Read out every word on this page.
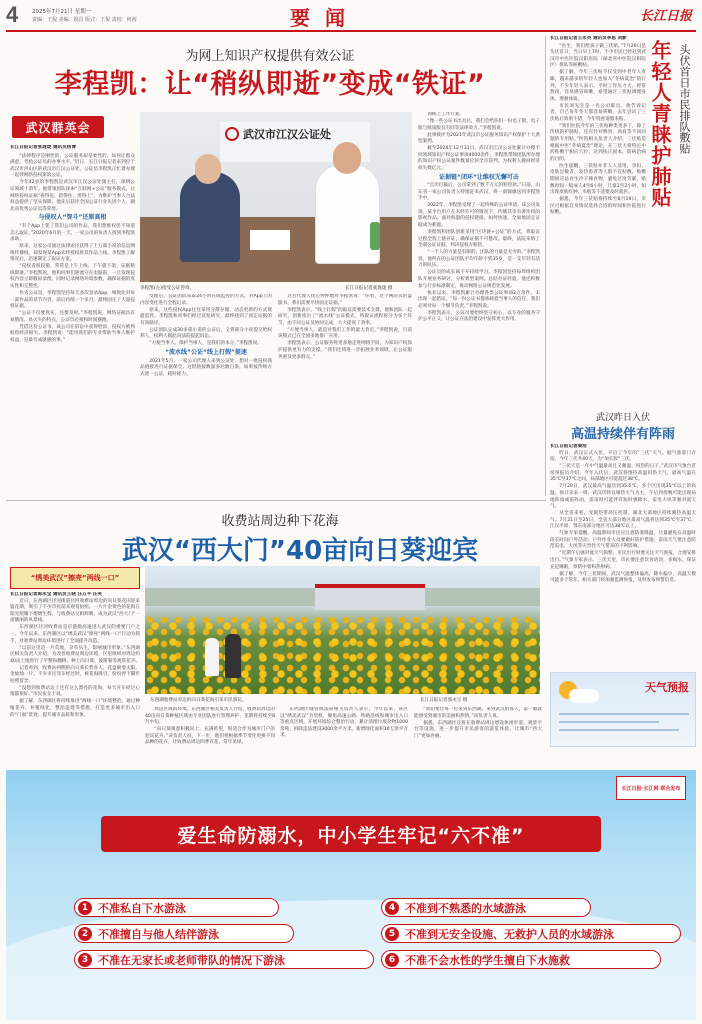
4	2025年7月21日 星期一
责编：王倪 美编：倪昌 版式：王倪 责校：何茜	要 闻	长江日报
为网上知识产权提供有效公证
李程凯：让“稍纵即逝”变成“铁证”
武汉群英会
长江日报记者张珑珑 通讯员杨博

“法律程序是刚性的，公证服务却是柔性的。如何让群众满意，考验公证员的办事水平。”近日，长江日报记者来到位于武汉市洪山区的武汉市江汉公证处，公证员李程凯正忙着办理一起涉网络侵权案的公证。

今年42岁的李程凯是武汉市江汉公证处副主任，深耕公证领域十余年。他带领团队探索“互联网+公证”服务模式，让网络侵权证据“看得见、留得住、用得上”，为维护当事人合法权益提供了坚实保障。他先后获评全国公证行业先进个人、湖北省优秀公证员等荣誉。

与侵权人“智斗”还原真相

“有个App上架了我们公司的作品，我们想维权但不知道怎么取证。”2020年6月的一天，一家公司的负责人找到李程凯求助。

原来，这家公司通过法律途径获得了上万部小说的信息网络传播权，却发现某App未经授权将其作品上线。李程凯了解情况后，迅速制定了取证方案。

“侵权者很狡猾，常常是上午上线、下午就下架，证据稍纵即逝。”李程凯说，他和同事们轮流守在电脑前，一旦发现侵权内容立即截屏录像，同时记录网络环境参数，确保证据的真实性和完整性。

作为公证员，李程凯坚持每天多次登录App，细致比对每一部作品的章节内容，前后持续一个多月，最终固定了大量侵权证据。

“公证不仅要真实，还要及时。”李程凯说，网络证据具有易篡改、易灭失的特点，公证员必须和时间赛跑。

凭借这份公证书，该公司在诉讼中获得胜诉，侵权方被判赔偿经济损失。李程凯说：“能用我们的专业帮助当事人维护权益，是最有成就感的事。”

武汉市江汉公证处
李程凯(左)接受公证咨询。	长江日报记者张珑珑 摄

受理后，公证团队采取24小时在线监控的方式，对App上的内容变化进行全程记录。

原来，这些侵权App往往采用分散存储、动态更新的方式规避监管。李程凯和同事们经过反复研究，最终找到了固定证据的有效路径。

公证团队完成30多部小说的公证后，又将部分小说提交给权利人，权利人据此向法院提起诉讼。

“方便当事人、保护当事人，是我们的本分。”李程凯说。

“流水线”公证“线上打假”提速

2021年5月，一家公司代理人来到公证处，想对一批侵权商品链接进行证据保全。这批链接数量多达数百条，如果按传统方式逐一公证，耗时耗力。

这名代理人忧心忡忡地对李程凯说：“你看，这个网站卖的盗版书，我们需要尽快固定证据。”

李程凯表示，“线上打假”的取证需要技术支撑。他和团队一起研究，创新推出了“流水线”公证模式，将取证流程拆分为多个环节，由不同公证员协同完成，大大提高了效率。

“方便当事人，就是对我们工作的最大肯定。”李程凯说，目前该模式已在全国多地推广应用。

李程凯表示，公证服务将更多地走进网络空间，为知识产权保护提供更有力的支撑。“我们还将进一步拓展业务领域，让公证服务惠及更多群众。”

询线上工作方案。

“像一些公证书出具后，我们会给你们一份电子版，电子版与纸质版具有同等法律效力。”李程凯说。

此事被评为2021年武汉市公证服务知识产权保护十大典型案例。

截至2024年12月31日，武汉市江汉公证处累计办理不同领域知识产权公证事项4000余件，李程凯带领团队所办理的知识产权公证案件数量位居全市前列，为权利人挽回经济损失数亿元。

证据链“闭环”让维权无懈可击

“官司打赢后，公司拿到了数千万元的赔偿款。”日前，山东省一家公司负责人特地赶来武汉，将一面锦旗送到李程凯手中。

2022年，李程凯受理了一起特殊的公证申请。该公司发现，某平台用户在未经许可的情况下，传播其享有著作权的影视作品。面对海量的侵权链接，如何快速、全面地固定证据成为难题。

李程凯和团队创新采用“区块链+公证”的方式，将取证过程全程上链存证，确保证据不可篡改。最终，法院采纳了全部公证证据，判决侵权方赔偿。

“一个人的力量是有限的，团队的力量是无穷的。”李程凯说，他所在的公证团队平均年龄不到35岁，是一支年轻有活力的队伍。

公证员的成长离不开持续学习。李程凯坚持每周组织团队开展业务研讨，分析典型案例，总结办证经验。他还积极参与行业标准制定，推动网络公证规范化发展。

执业以来，李程凯累计办理各类公证事项2万余件，未出现一起错证。“每一份公证书都承载着当事人的信任，我们必须对每一个细节负责。”李程凯说。

李程凯表示，公证员要始终坚守初心，以专业的服务守护公平正义，让公证在法治建设中发挥更大作用。

长江日报记者王永英 通讯员李思 刘影

“医生，我们给孩子做三伏贴。”7月20日是头伏首日，当日早上7时，不少市民已经赶到武汉市中医医院汉阳医院（湖北省中医院汉阳院区）排队等候敷贴。

据了解，今年三伏贴不仅受到中老年人青睐，越来越多的年轻人也加入“冬病夏治”的行列。不少年轻人表示，平时工作压力大、经常熬夜，容易感冒咳嗽，希望通过三伏贴调理身体、增强体质。

市民刘先生是一名公司职员，他告诉记者，自己每年冬天都容易咳嗽，去年尝试了三伏贴后效果不错，今年特意请假来贴。

“我们医院今年的三伏贴种类更多了，除了传统的护肺贴，还有针对脾胃、颈肩等不同问题的专用贴。”医院相关负责人介绍，三伏贴是根据中医“冬病夏治”理论，在三伏天将特定中药贴敷于相应穴位，达到扶正固本、防病治病的目的。

医生提醒，三伏贴并非人人适用，孕妇、皮肤过敏者、发热患者等人群不宜贴敷。贴敷期间应忌食生冷辛辣食物，避免过度劳累。贴敷时间一般成人4至6小时，儿童1至2小时，如出现皮肤红肿、水疱等不适要及时就医。

据悉，今年三伏贴将持续至8月19日，市民可根据自身情况选择合适的时间和医院进行贴敷。

年轻人青睐护肺贴 头伏首日市民排队敷贴
武汉昨日入伏
高温持续伴有阵雨
长江日报记者秦浩

昨日，武汉正式入伏，开启了今年的“三伏”天气。据气象部门介绍，今年三伏共40天，为“加长版”三伏。

“三伏天是一年中气温最高且又潮湿、闷热的日子。”武汉市气象台首席预报员介绍，今年入伏后，武汉将维持高温闷热天气，最高气温在35℃至37℃之间，局部地区可能超过38℃。

7月20日，武汉最高气温达到35.6℃，多个区出现35℃以上的高温。预计未来一周，武汉仍将以晴热天气为主，午后到傍晚可能出现局地阵雨或雷阵雨，雷雨时可能伴有短时强降水、雷电大风等强对流天气。

从全省来看，受副热带高压控制，湖北大部地区持续晴热高温天气。7月21日至25日，全省大部分地区最高气温将达到35℃至37℃，江汉平原、鄂东南部分地区可达38℃以上。

气象专家提醒，高温期间市民应注意防暑降温，尽量避免在高温时段长时间户外活动；户外作业人员要做好防护措施；雷雨天气要注意防范雷电、大风等灾害性天气带来的不利影响。

“近期午后强对流天气频繁，市民出行时要关注天气预报，合理安排出行。”气象专家表示。三伏天里，市民要注意饮食清淡，多喝水，保证充足睡眠，预防中暑和热射病。

据了解，今年三伏期间，武汉气温整体偏高，降水偏少，高温天数可能多于常年。相关部门将加强监测预报，及时发布预警信息。

天气预报
收费站周边种下花海
武汉“西大门”40亩向日葵迎宾
“绣美武汉”擦亮“两线一口”
长江日报记者郭永宝 通讯员王晓 汪五平 汪笑

近日，东西湖区径河街道径河收费站周边的向日葵花田迎来盛花期，吸引了不少市民前来观赏拍照。一片片金黄色的花海在阳光照耀下熠熠生辉，与收费站交相辉映，成为武汉“西大门”一道靓丽的风景线。

东西湖区径河收费站是京港澳高速进入武汉的重要门户之一。今年以来，东西湖区以“绣美武汉”擦亮“两线一口”行动为抓手，对收费站周边环境进行了全面提升改造。

“以前这里是一片荒地，杂草丛生，影响城市形象。”东西湖区相关负责人介绍，为改善收费站周边环境，区里组织对周边约40亩土地进行了平整和翻耕，种上向日葵、波斯菊等观赏花卉。

记者看到，收费站两侧的向日葵长势喜人，花盘朝着太阳，金灿灿一片。不少市民驾车经过时，被花海吸引，纷纷停下脚步拍照留念。

“没想到收费站边上还有这么漂亮的花海，每天开车经过心情都很好。”市民张女士说。

据了解，东西湖区将持续推进“两线一口”环境整治，通过种植花卉、补植绿化、整治违建等措施，打造更多城市出入口的“门面”景观，提升城市品质和形象。

东西湖收费站旁边的向日葵花海引来市民游玩。	长江日报记者郭永宝 摄

周边区域的环境。东西湖区相关负责人介绍，收费站周边的40亩向日葵种植区域由专业团队进行管理养护，花期将持续至8月中旬。

“向日葵寓意积极向上、充满希望，很适合作为城市门户的迎宾花卉。”该负责人说，下一步，他们将根据季节变化更换不同品种的花卉，让收费站周边四季有花、常年见绿。

东西湖区城管执法局相关负责人表示，今年以来，该区以“绣美武汉”为契机，聚焦高速公路、铁路沿线和城市出入口等重点区域，开展环境综合整治行动，累计清理垃圾杂物1000余吨，拆除违法建设3000余平方米，新增绿化面积10万余平方米。

“我们要让每一位来到东西湖、来到武汉的客人，第一眼就能感受到城市的美丽和热情。”该负责人说。

据悉，东西湖区还将在收费站周边增设休闲步道、观景平台等设施，进一步提升市民游客的游览体验，让城市“西大门”更加亮丽。

长江日报·长江网 联合发布
爱生命防溺水，中小学生牢记“六不准”
1 不准私自下水游泳
2 不准擅自与他人结伴游泳
3 不准在无家长或老师带队的情况下游泳
4 不准到不熟悉的水域游泳
5 不准到无安全设施、无救护人员的水域游泳
6 不准不会水性的学生擅自下水施救
